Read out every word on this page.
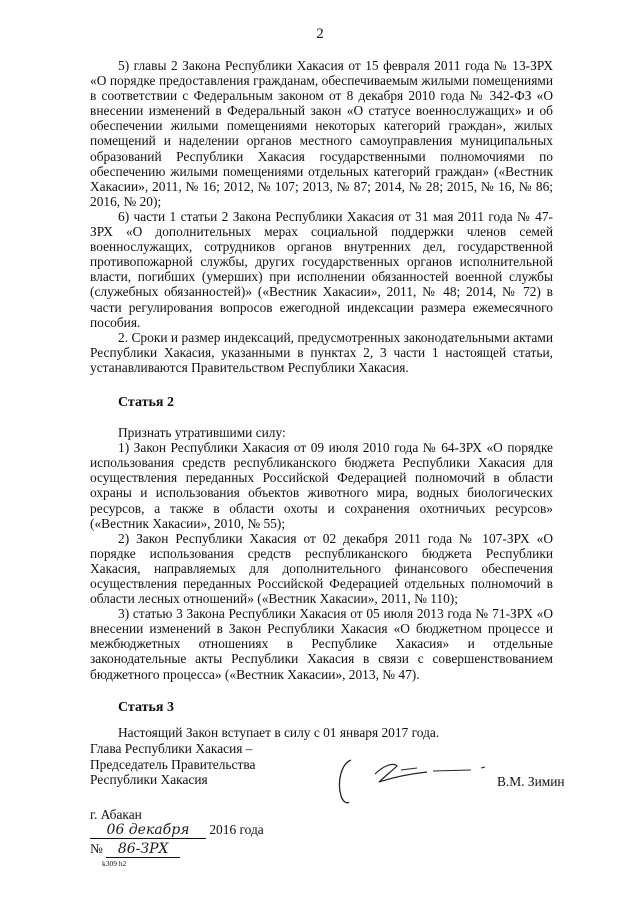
2

5) главы 2 Закона Республики Хакасия от 15 февраля 2011 года № 13-ЗРХ «О порядке предоставления гражданам, обеспечиваемым жилыми помещениями в соответствии с Федеральным законом от 8 декабря 2010 года № 342-ФЗ «О внесении изменений в Федеральный закон «О статусе военнослужащих» и об обеспечении жилыми помещениями некоторых категорий граждан», жилых помещений и наделении органов местного самоуправления муниципальных образований Республики Хакасия государственными полномочиями по обеспечению жилыми помещениями отдельных категорий граждан» («Вестник Хакасии», 2011, № 16; 2012, № 107; 2013, № 87; 2014, № 28; 2015, № 16, № 86; 2016, № 20);

6) части 1 статьи 2 Закона Республики Хакасия от 31 мая 2011 года № 47-ЗРХ «О дополнительных мерах социальной поддержки членов семей военнослужащих, сотрудников органов внутренних дел, государственной противопожарной службы, других государственных органов исполнительной власти, погибших (умерших) при исполнении обязанностей военной службы (служебных обязанностей)» («Вестник Хакасии», 2011, № 48; 2014, № 72) в части регулирования вопросов ежегодной индексации размера ежемесячного пособия.

2. Сроки и размер индексаций, предусмотренных законодательными актами Республики Хакасия, указанными в пунктах 2, 3 части 1 настоящей статьи, устанавливаются Правительством Республики Хакасия.

Статья 2

Признать утратившими силу:

1) Закон Республики Хакасия от 09 июля 2010 года № 64-ЗРХ «О порядке использования средств республиканского бюджета Республики Хакасия для осуществления переданных Российской Федерацией полномочий в области охраны и использования объектов животного мира, водных биологических ресурсов, а также в области охоты и сохранения охотничьих ресурсов» («Вестник Хакасии», 2010, № 55);

2) Закон Республики Хакасия от 02 декабря 2011 года № 107-ЗРХ «О порядке использования средств республиканского бюджета Республики Хакасия, направляемых для дополнительного финансового обеспечения осуществления переданных Российской Федерацией отдельных полномочий в области лесных отношений» («Вестник Хакасии», 2011, № 110);

3) статью 3 Закона Республики Хакасия от 05 июля 2013 года № 71-ЗРХ «О внесении изменений в Закон Республики Хакасия «О бюджетном процессе и межбюджетных отношениях в Республике Хакасия» и отдельные законодательные акты Республики Хакасия в связи с совершенствованием бюджетного процесса» («Вестник Хакасии», 2013, № 47).

Статья 3

Настоящий Закон вступает в силу с 01 января 2017 года.

Глава Республики Хакасия –
Председатель Правительства
Республики Хакасия	В.М. Зимин
г. Абакан
06 декабря 2016 года
№ 86-ЗРХ
k309 h2
